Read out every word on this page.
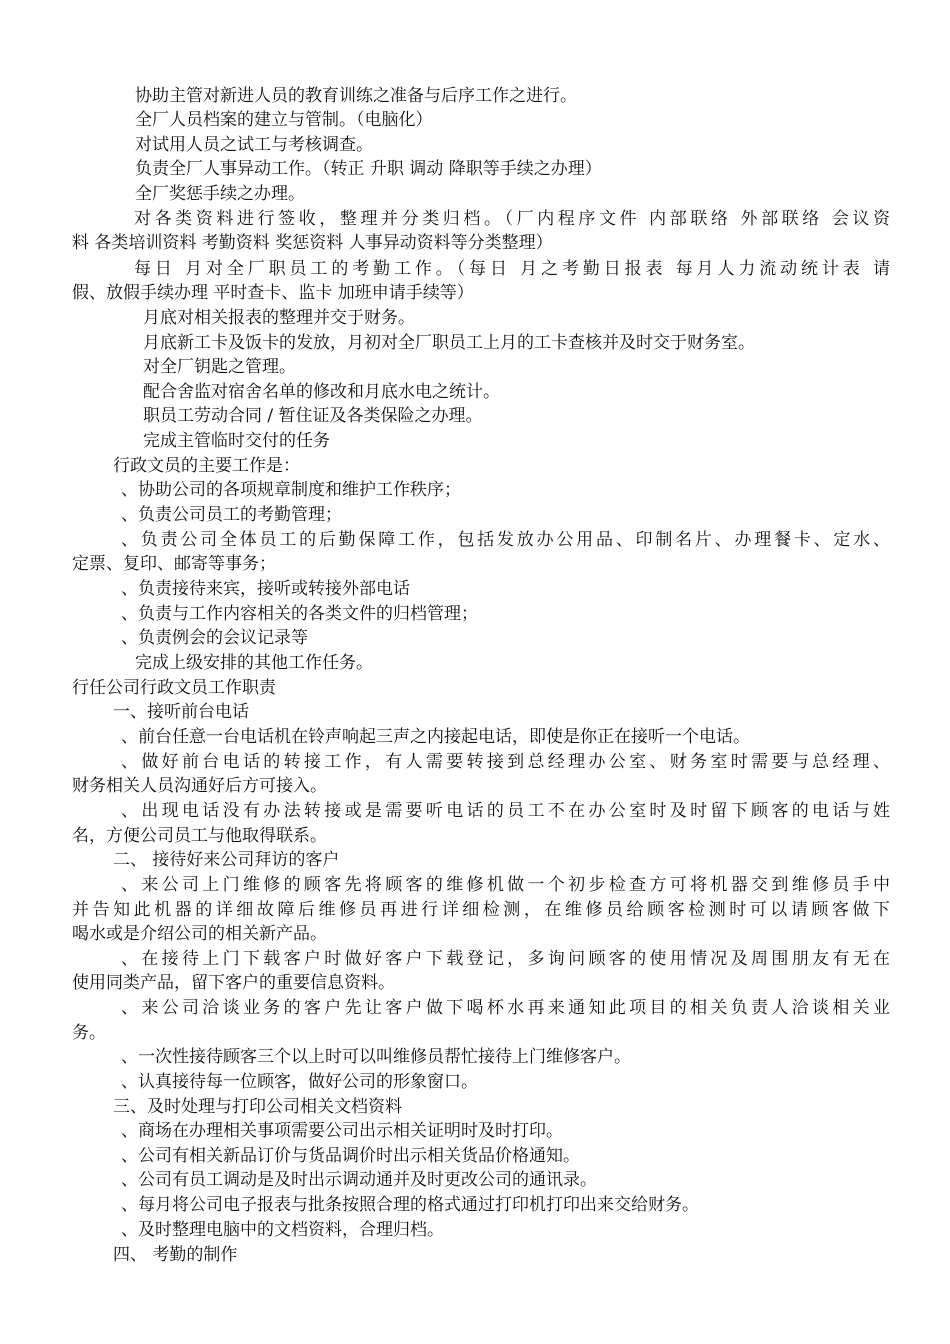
协助主管对新进人员的教育训练之准备与后序工作之进行。
全厂人员档案的建立与管制。（电脑化）
对试用人员之试工与考核调查。
负责全厂人事异动工作。（转正 升职 调动 降职等手续之办理）
全厂奖惩手续之办理。
对各类资料进行签收，整理并分类归档。（厂内程序文件 内部联络 外部联络 会议资
料 各类培训资料 考勤资料 奖惩资料 人事异动资料等分类整理）
每日 月对全厂职员工的考勤工作。（每日 月之考勤日报表 每月人力流动统计表 请
假、放假手续办理 平时查卡、监卡 加班申请手续等）
月底对相关报表的整理并交于财务。
月底新工卡及饭卡的发放，月初对全厂职员工上月的工卡查核并及时交于财务室。
对全厂钥匙之管理。
配合舍监对宿舍名单的修改和月底水电之统计。
职员工劳动合同 / 暂住证及各类保险之办理。
完成主管临时交付的任务
行政文员的主要工作是：
、协助公司的各项规章制度和维护工作秩序；
、负责公司员工的考勤管理；
、负责公司全体员工的后勤保障工作，包括发放办公用品、印制名片、办理餐卡、定水、
定票、复印、邮寄等事务；
、负责接待来宾，接听或转接外部电话
、负责与工作内容相关的各类文件的归档管理；
、负责例会的会议记录等
完成上级安排的其他工作任务。
行任公司行政文员工作职责
一、接听前台电话
、前台任意一台电话机在铃声响起三声之内接起电话，即使是你正在接听一个电话。
、做好前台电话的转接工作，有人需要转接到总经理办公室、财务室时需要与总经理、
财务相关人员沟通好后方可接入。
、出现电话没有办法转接或是需要听电话的员工不在办公室时及时留下顾客的电话与姓
名，方便公司员工与他取得联系。
二、 接待好来公司拜访的客户
、来公司上门维修的顾客先将顾客的维修机做一个初步检查方可将机器交到维修员手中
并告知此机器的详细故障后维修员再进行详细检测，在维修员给顾客检测时可以请顾客做下
喝水或是介绍公司的相关新产品。
、在接待上门下载客户时做好客户下载登记，多询问顾客的使用情况及周围朋友有无在
使用同类产品，留下客户的重要信息资料。
、来公司洽谈业务的客户先让客户做下喝杯水再来通知此项目的相关负责人洽谈相关业
务。
、一次性接待顾客三个以上时可以叫维修员帮忙接待上门维修客户。
、认真接待每一位顾客，做好公司的形象窗口。
三、及时处理与打印公司相关文档资料
、商场在办理相关事项需要公司出示相关证明时及时打印。
、公司有相关新品订价与货品调价时出示相关货品价格通知。
、公司有员工调动是及时出示调动通并及时更改公司的通讯录。
、每月将公司电子报表与批条按照合理的格式通过打印机打印出来交给财务。
、及时整理电脑中的文档资料，合理归档。
四、 考勤的制作
